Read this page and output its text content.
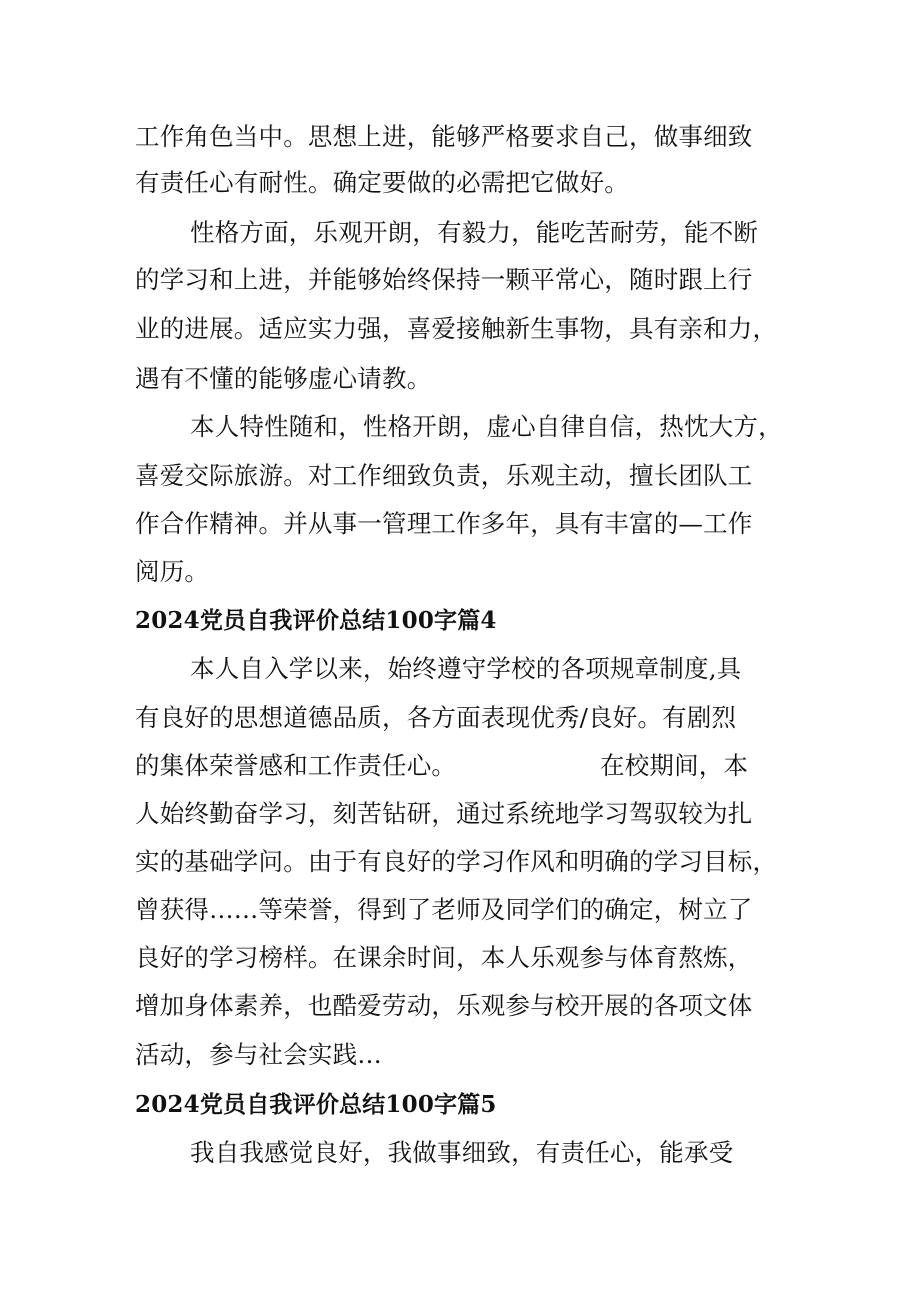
工作角色当中。思想上进，能够严格要求自己，做事细致
有责任心有耐性。确定要做的必需把它做好。
性格方面，乐观开朗，有毅力，能吃苦耐劳，能不断
的学习和上进，并能够始终保持一颗平常心，随时跟上行
业的进展。适应实力强，喜爱接触新生事物，具有亲和力，
遇有不懂的能够虚心请教。
本人特性随和，性格开朗，虚心自律自信，热忱大方，
喜爱交际旅游。对工作细致负责，乐观主动，擅长团队工
作合作精神。并从事一管理工作多年，具有丰富的—工作
阅历。
2024党员自我评价总结100字篇4
本人自入学以来，始终遵守学校的各项规章制度,具
有良好的思想道德品质，各方面表现优秀/良好。有剧烈
的集体荣誉感和工作责任心。	在校期间，本
人始终勤奋学习，刻苦钻研，通过系统地学习驾驭较为扎
实的基础学问。由于有良好的学习作风和明确的学习目标，
曾获得……等荣誉，得到了老师及同学们的确定，树立了
良好的学习榜样。在课余时间，本人乐观参与体育熬炼，
增加身体素养，也酷爱劳动，乐观参与校开展的各项文体
活动，参与社会实践…
2024党员自我评价总结100字篇5
我自我感觉良好，我做事细致，有责任心，能承受
